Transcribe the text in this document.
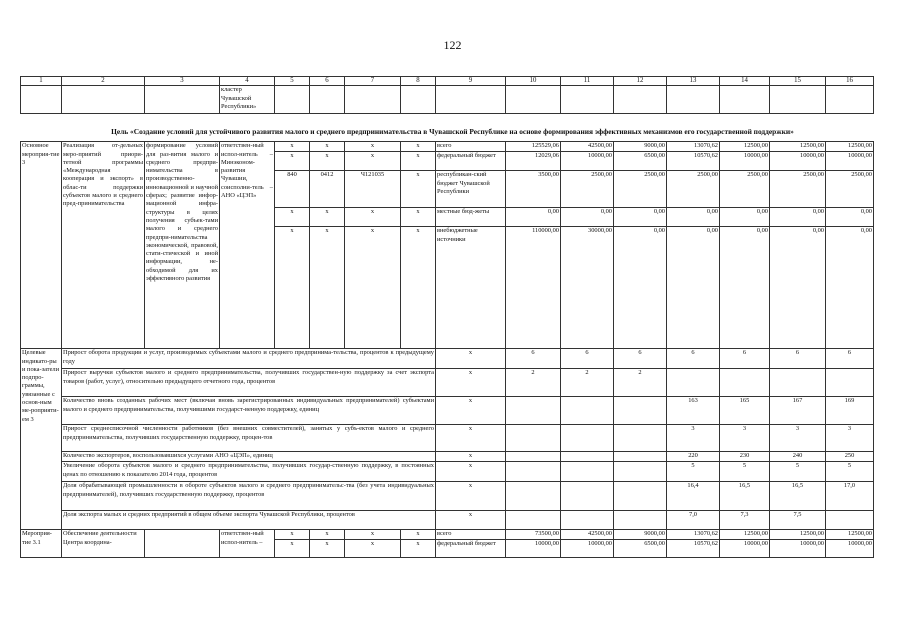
122
1	2	3	4	5	6	7	8	9	10	11	12	13	14	15	16
			кластер Чувашской Республики»												

Основное мероприя-тие 3	Реализация от-дельных меро-приятий приори-тетной программы «Международная кооперация и экспорт» в облас-ти поддержки субъектов малого и среднего пред-принимательства	формирование условий для раз-вития малого и среднего предпри-нимательства в производственно-инновационной и научной сферах; развитие инфор-мационной инфра-структуры в целях получения субъек-тами малого и среднего предпри-нимательства экономической, правовой, стати-стической и иной информации, не-обходимой для их эффективного развития	ответствен-ный испол-нитель – Минэконом-развития Чувашии, соисполни-тель – АНО «ЦЭП»	x	x	x	x	всего	125529,06	42500,00	9000,00	13070,62	12500,00	12500,00	12500,00
				x	x	x	x	федеральный бюджет	12029,06	10000,00	6500,00	10570,62	10000,00	10000,00	10000,00
				840	0412	Ч121035	x	республикан-ский бюджет Чувашской Республики	3500,00	2500,00	2500,00	2500,00	2500,00	2500,00	2500,00
				x	x	x	x	местные бюд-жеты	0,00	0,00	0,00	0,00	0,00	0,00	0,00
				x	x	x	x	внебюджетные источники	110000,00	30000,00	0,00	0,00	0,00	0,00	0,00
Целевые индикато-ры и пока-затели подпро-граммы, увязанные с основ-ным ме-роприяти-ем 3	Прирост оборота продукции и услуг, производимых субъектами малого и среднего предпринима-тельства, процентов к предыдущему году							x	6	6	6	6	6	6	6
	Прирост выручки субъектов малого и среднего предпринимательства, получивших государствен-ную поддержку за счет экспорта товаров (работ, услуг), относительно предыдущего отчетного года, процентов							x	2	2	2				
	Количество вновь созданных рабочих мест (включая вновь зарегистрированных индивидуальных предпринимателей) субъектами малого и среднего предпринимательства, получившими государст-венную поддержку, единиц							x				163	165	167	169
	Прирост среднесписочной численности работников (без внешних совместителей), занятых у субъ-ектов малого и среднего предпринимательства, получивших государственную поддержку, процен-тов							x				3	3	3	3
	Количество экспортеров, воспользовавшихся услугами АНО «ЦЭП», единиц							x				220	230	240	250
	Увеличение оборота субъектов малого и среднего предпринимательства, получивших государ-ственную поддержку, в постоянных ценах по отношению к показателю 2014 года, процентов							x				5	5	5	5
	Доля обрабатывающей промышленности в обороте субъектов малого и среднего предпринимательс-тва (без учета индивидуальных предпринимателей), получивших государственную поддержку, процентов							x				16,4	16,5	16,5	17,0
	Доля экспорта малых и средних предприятий в общем объеме экспорта Чувашской Республики, процентов							x				7,0	7,3	7,5	
Мероприя-тие 3.1	Обеспечение деятельности Центра координа-		ответствен-ный испол-нитель –	x	x	x	x	всего	73500,00	42500,00	9000,00	13070,62	12500,00	12500,00	12500,00
				x	x	x	x	федеральный бюджет	10000,00	10000,00	6500,00	10570,62	10000,00	10000,00	10000,00
Цель «Создание условий для устойчивого развития малого и среднего предпринимательства в Чувашской Республике на основе формирования эффективных механизмов его государственной поддержки»
